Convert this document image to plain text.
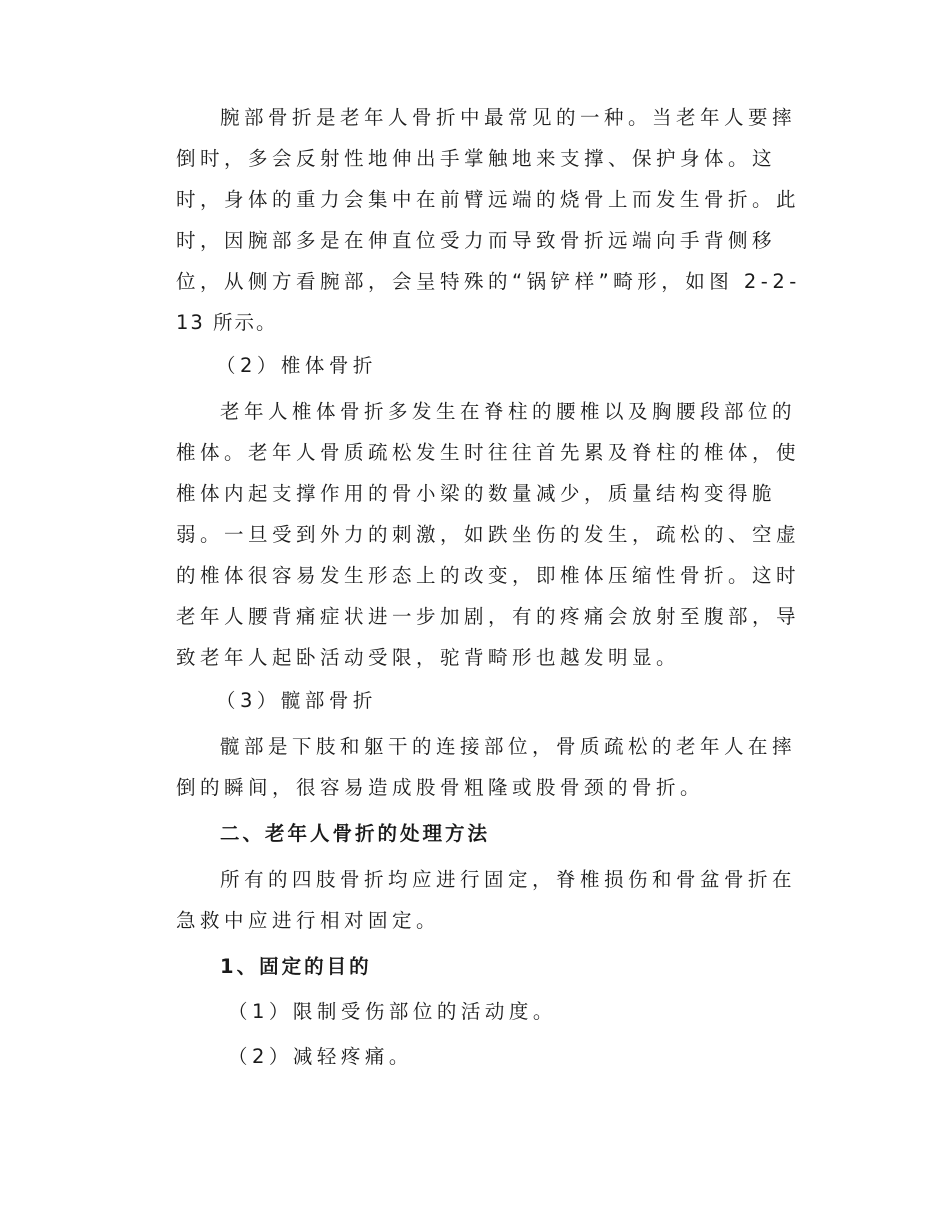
腕部骨折是老年人骨折中最常见的一种。当老年人要摔
倒时，多会反射性地伸出手掌触地来支撑、保护身体。这
时，身体的重力会集中在前臂远端的烧骨上而发生骨折。此
时，因腕部多是在伸直位受力而导致骨折远端向手背侧移
位，从侧方看腕部，会呈特殊的“锅铲样”畸形，如图 2-2-
13 所示。
（2）椎体骨折
老年人椎体骨折多发生在脊柱的腰椎以及胸腰段部位的
椎体。老年人骨质疏松发生时往往首先累及脊柱的椎体，使
椎体内起支撑作用的骨小梁的数量减少，质量结构变得脆
弱。一旦受到外力的刺激，如跌坐伤的发生，疏松的、空虚
的椎体很容易发生形态上的改变，即椎体压缩性骨折。这时
老年人腰背痛症状进一步加剧，有的疼痛会放射至腹部，导
致老年人起卧活动受限，驼背畸形也越发明显。
（3）髋部骨折
髋部是下肢和躯干的连接部位，骨质疏松的老年人在摔
倒的瞬间，很容易造成股骨粗隆或股骨颈的骨折。
二、老年人骨折的处理方法
所有的四肢骨折均应进行固定，脊椎损伤和骨盆骨折在
急救中应进行相对固定。
1、固定的目的
（1）限制受伤部位的活动度。
（2）减轻疼痛。
